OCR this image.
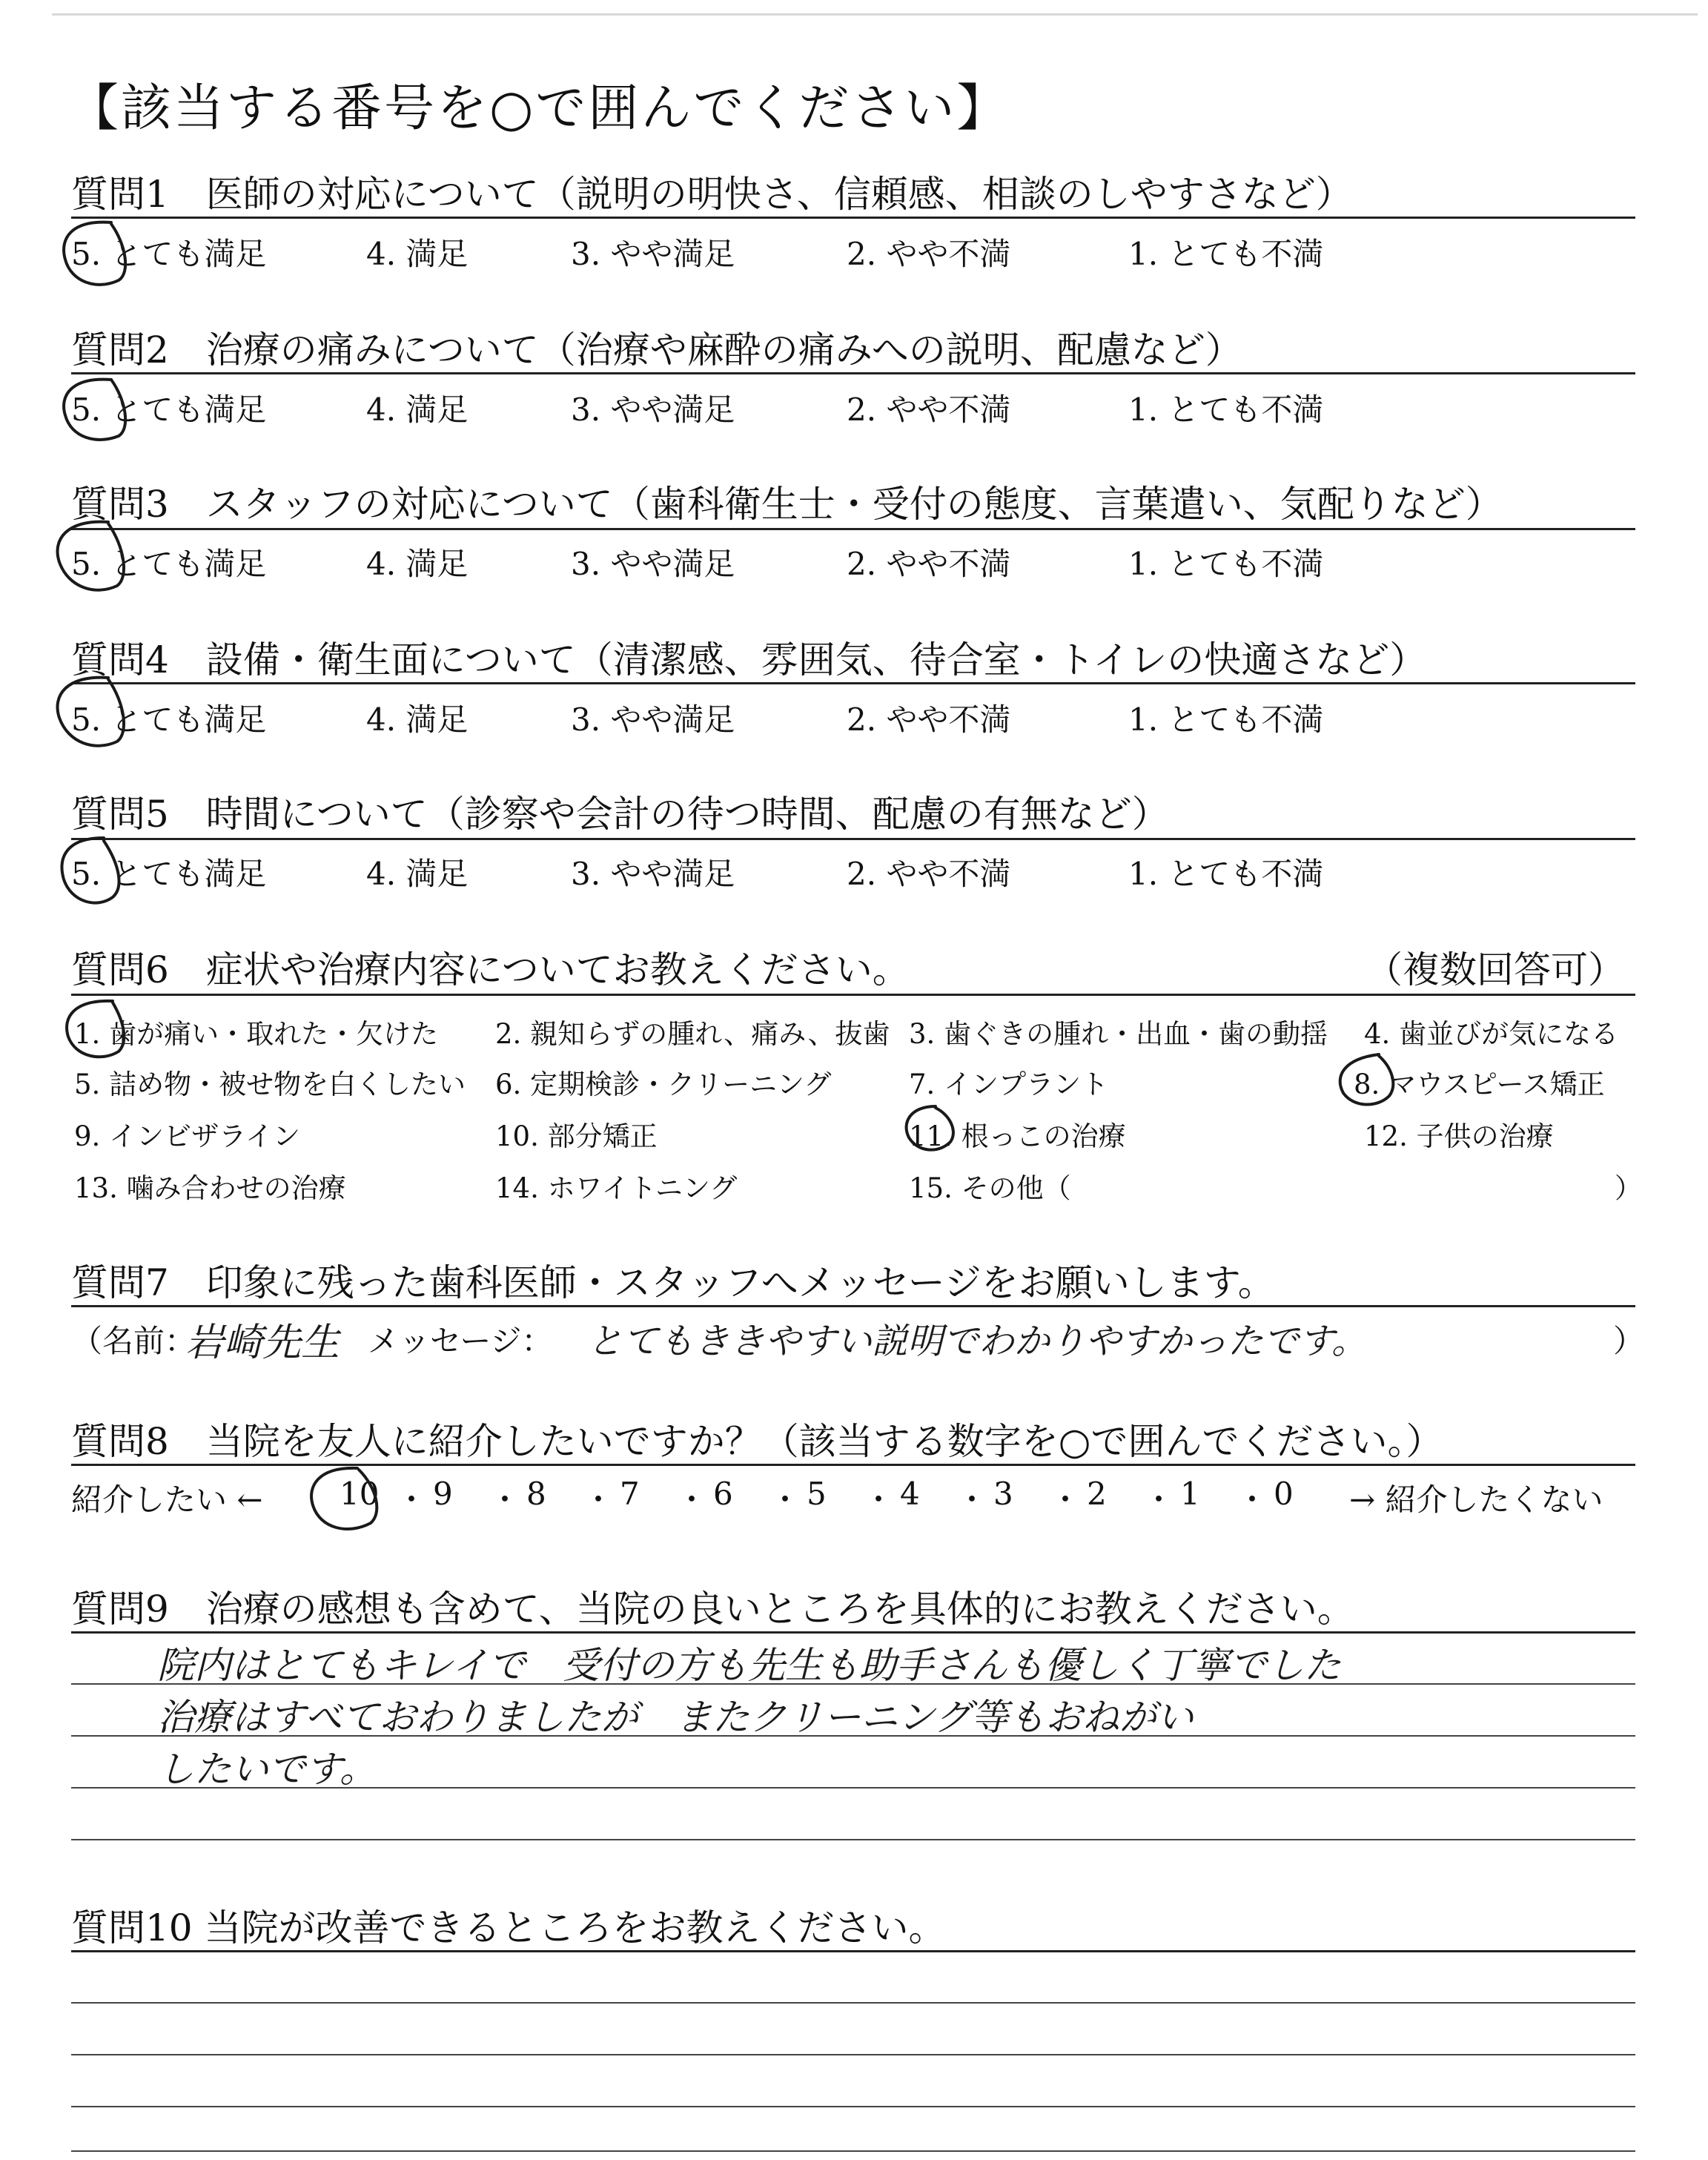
【該当する番号を○で囲んでください】
質問1　医師の対応について（説明の明快さ、信頼感、相談のしやすさなど）
5. とても満足	4. 満足	3. やや満足	2. やや不満	1. とても不満
質問2　治療の痛みについて（治療や麻酔の痛みへの説明、配慮など）
5. とても満足	4. 満足	3. やや満足	2. やや不満	1. とても不満
質問3　スタッフの対応について（歯科衛生士・受付の態度、言葉遣い、気配りなど）
5. とても満足	4. 満足	3. やや満足	2. やや不満	1. とても不満
質問4　設備・衛生面について（清潔感、雰囲気、待合室・トイレの快適さなど）
5. とても満足	4. 満足	3. やや満足	2. やや不満	1. とても不満
質問5　時間について（診察や会計の待つ時間、配慮の有無など）
5. とても満足	4. 満足	3. やや満足	2. やや不満	1. とても不満
質問6　症状や治療内容についてお教えください。	（複数回答可）
1. 歯が痛い・取れた・欠けた 2. 親知らずの腫れ、痛み、抜歯 3. 歯ぐきの腫れ・出血・歯の動揺 4. 歯並びが気になる
5. 詰め物・被せ物を白くしたい 6. 定期検診・クリーニング	7. インプラント	8. マウスピース矯正
9. インビザライン	10. 部分矯正	11. 根っこの治療	12. 子供の治療
13. 噛み合わせの治療	14. ホワイトニング	15. その他（	）
質問7　印象に残った歯科医師・スタッフへメッセージをお願いします。
（名前：
岩崎先生 メッセージ： とてもききやすい説明でわかりやすかったです。	）
質問8　当院を友人に紹介したいですか？（該当する数字を○で囲んでください。）
紹介したい ← 10 ・ 9 ・ 8 ・ 7 ・ 6 ・ 5 ・ 4 ・ 3 ・ 2 ・ 1 ・ 0 → 紹介したくない
質問9　治療の感想も含めて、当院の良いところを具体的にお教えください。
院内はとてもキレイで　受付の方も先生も助手さんも優しく丁寧でした
治療はすべておわりましたが　またクリーニング等もおねがい
したいです。
質問10 当院が改善できるところをお教えください。
